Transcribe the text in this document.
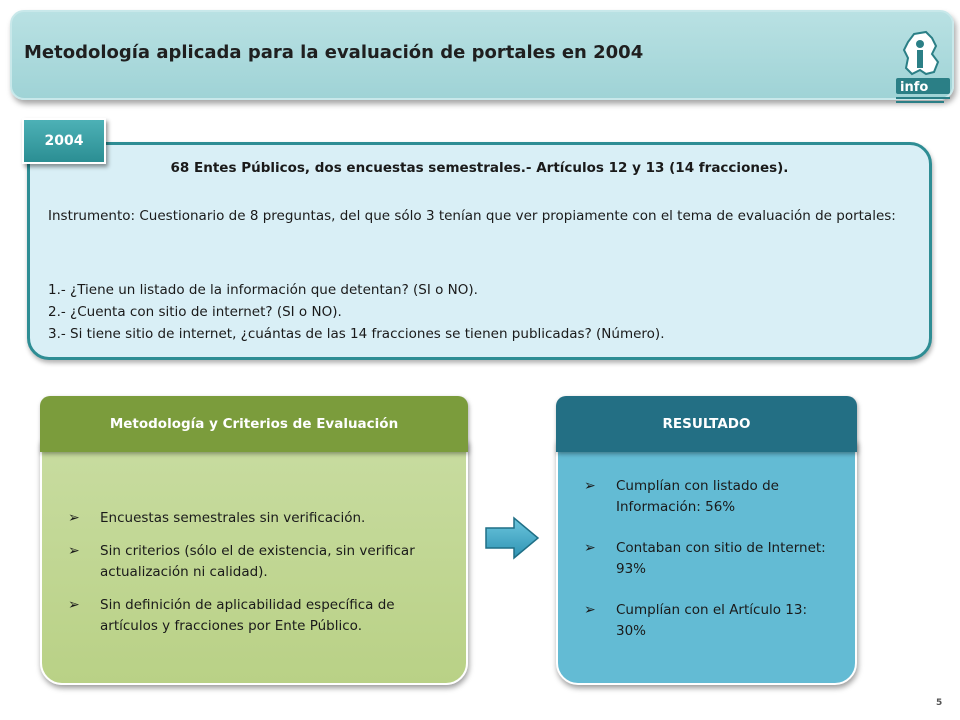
Metodología aplicada para la evaluación de portales en 2004
info
2004
68 Entes Públicos, dos encuestas semestrales.- Artículos 12 y 13 (14 fracciones).
Instrumento: Cuestionario de 8 preguntas, del que sólo 3 tenían que ver propiamente con el tema de evaluación de portales:
1.- ¿Tiene un listado de la información que detentan? (SI o NO).
2.- ¿Cuenta con sitio de internet? (SI o NO).
3.- Si tiene sitio de internet, ¿cuántas de las 14 fracciones se tienen publicadas? (Número).
Metodología y Criterios de Evaluación
➢ Encuestas semestrales sin verificación.
➢ Sin criterios (sólo el de existencia, sin verificar actualización ni calidad).
➢ Sin definición de aplicabilidad específica de artículos y fracciones por Ente Público.
RESULTADO
➢ Cumplían con listado de Información: 56%
➢ Contaban con sitio de Internet: 93%
➢ Cumplían con el Artículo 13: 30%
5
